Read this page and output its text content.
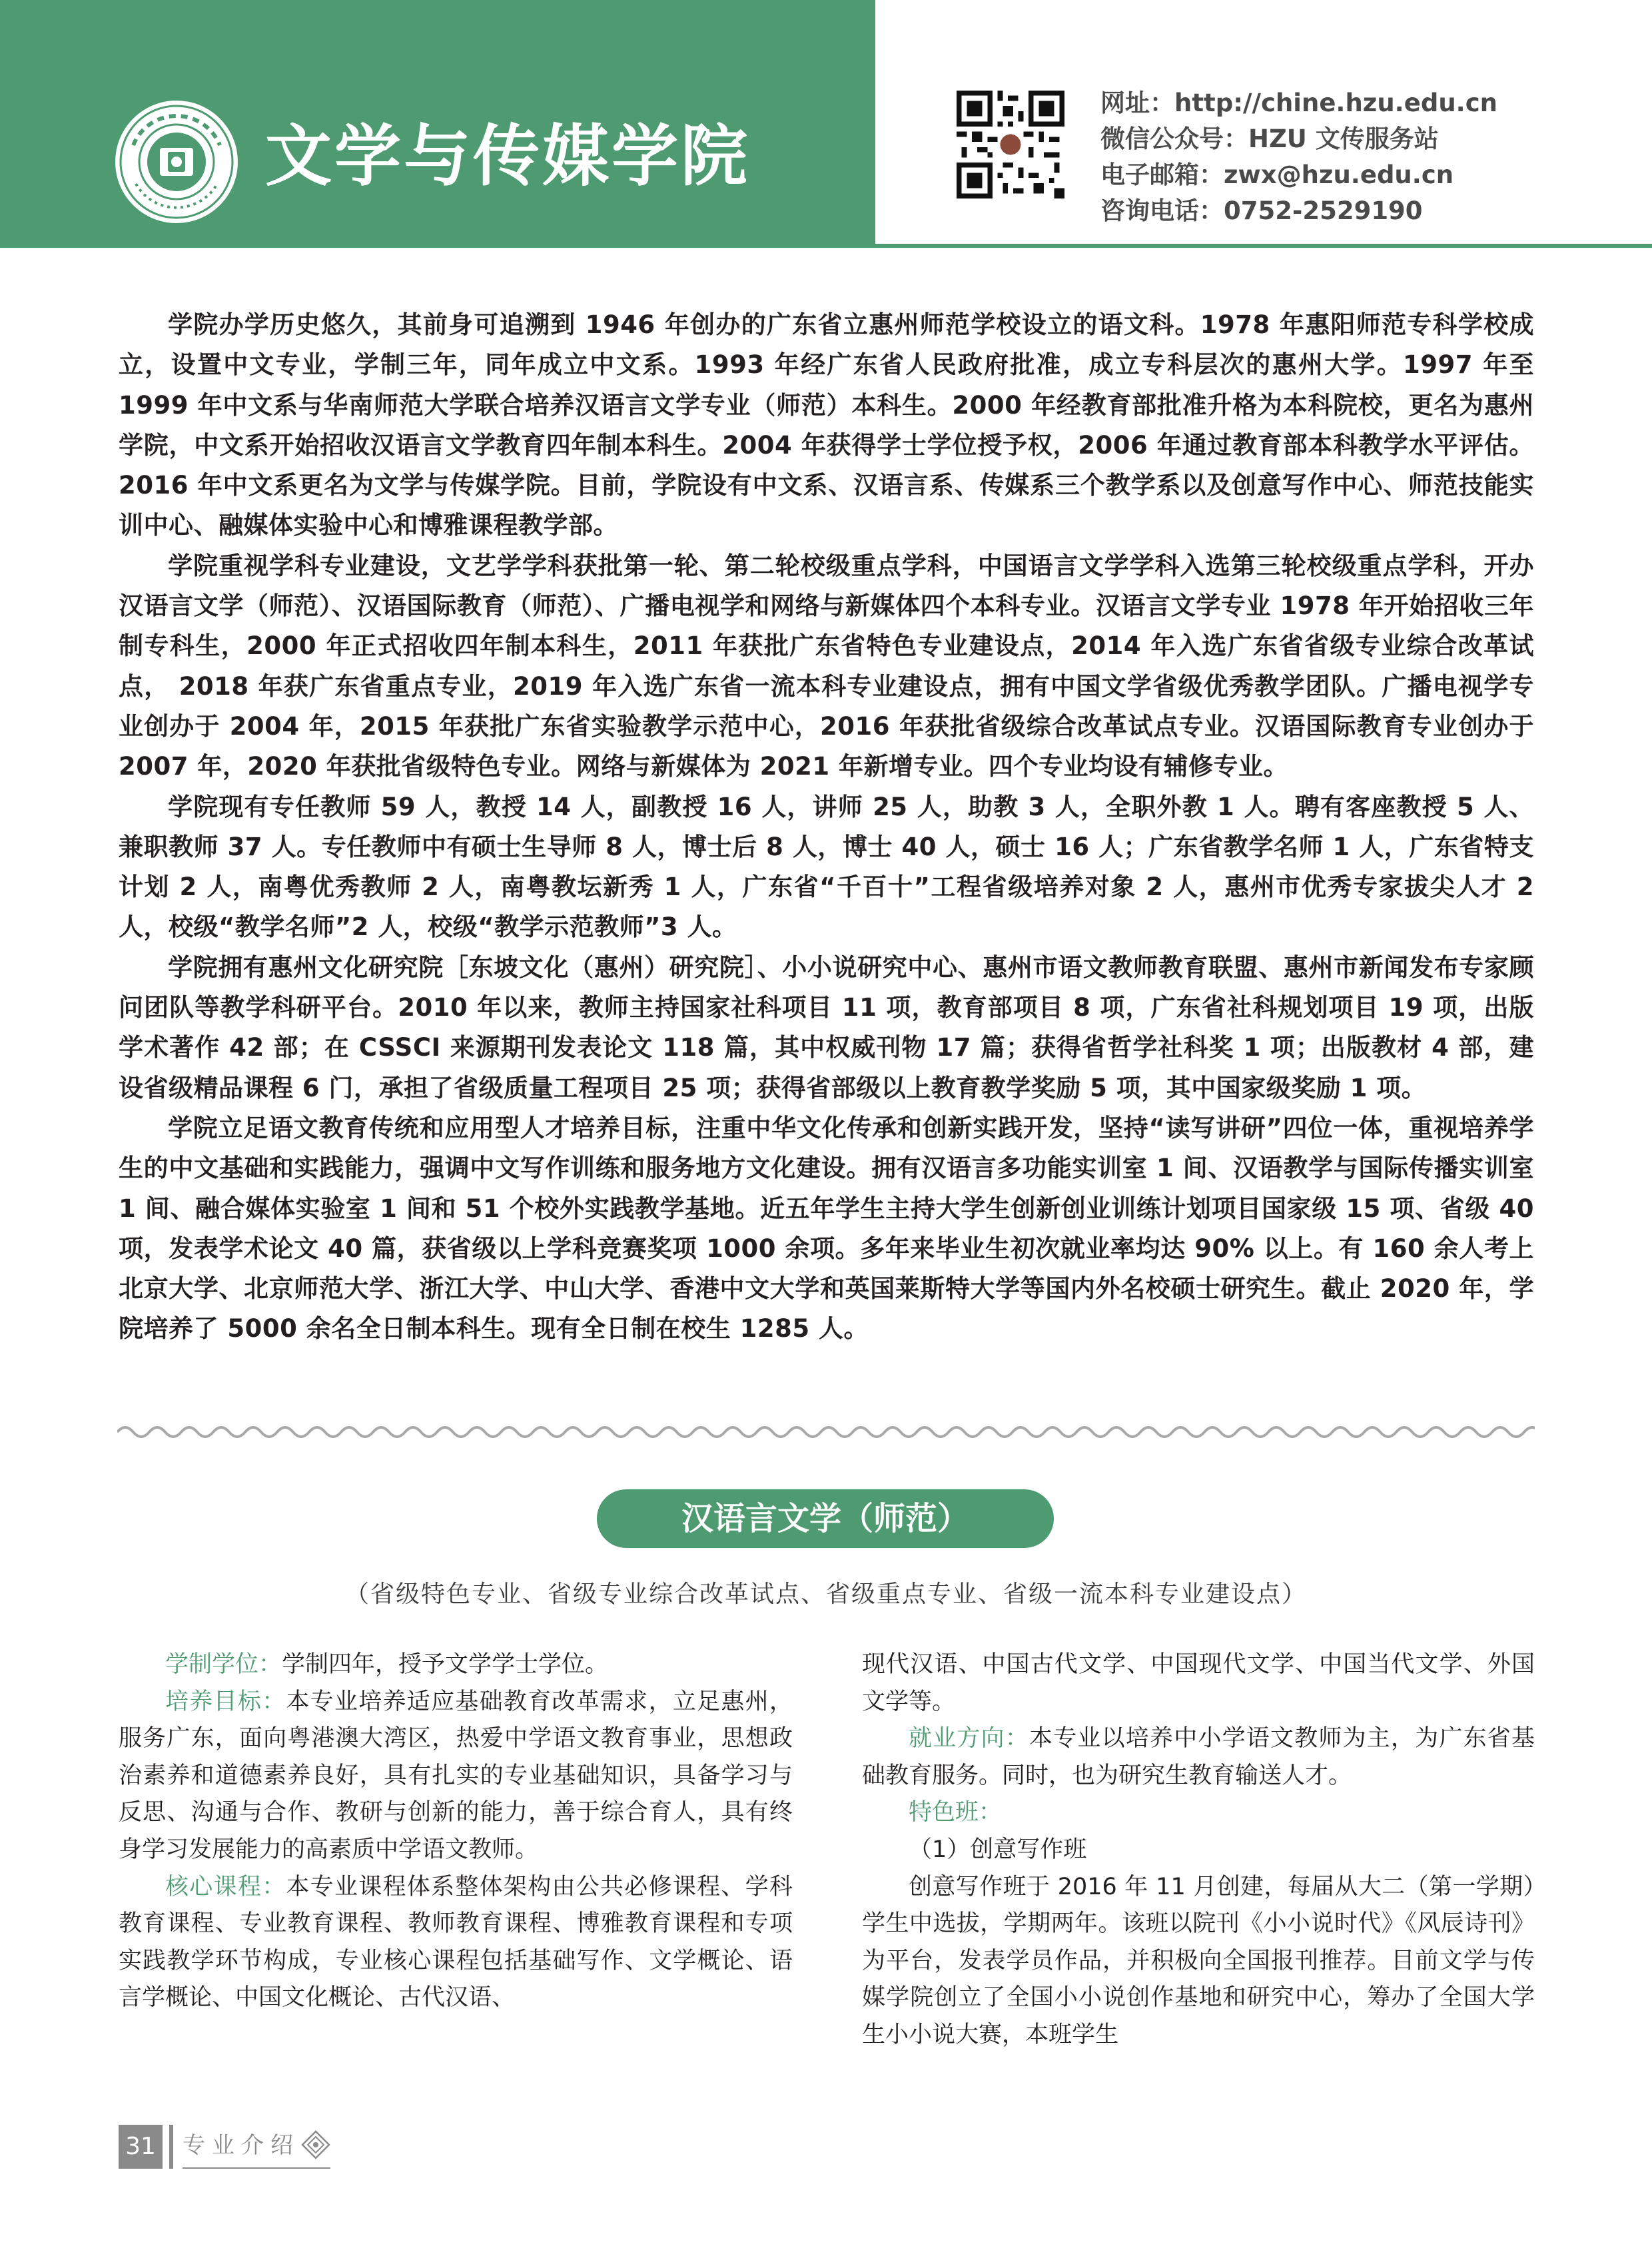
文学与传媒学院
网址：http://chine.hzu.edu.cn
微信公众号：HZU 文传服务站
电子邮箱：zwx@hzu.edu.cn
咨询电话：0752-2529190

学院办学历史悠久，其前身可追溯到 1946 年创办的广东省立惠州师范学校设立的语文科。1978 年惠阳师范专科学校成立，设置中文专业，学制三年，同年成立中文系。1993 年经广东省人民政府批准，成立专科层次的惠州大学。1997 年至 1999 年中文系与华南师范大学联合培养汉语言文学专业（师范）本科生。2000 年经教育部批准升格为本科院校，更名为惠州学院，中文系开始招收汉语言文学教育四年制本科生。2004 年获得学士学位授予权，2006 年通过教育部本科教学水平评估。2016 年中文系更名为文学与传媒学院。目前，学院设有中文系、汉语言系、传媒系三个教学系以及创意写作中心、师范技能实训中心、融媒体实验中心和博雅课程教学部。

学院重视学科专业建设，文艺学学科获批第一轮、第二轮校级重点学科，中国语言文学学科入选第三轮校级重点学科，开办汉语言文学（师范）、汉语国际教育（师范）、广播电视学和网络与新媒体四个本科专业。汉语言文学专业 1978 年开始招收三年制专科生，2000 年正式招收四年制本科生，2011 年获批广东省特色专业建设点，2014 年入选广东省省级专业综合改革试点， 2018 年获广东省重点专业，2019 年入选广东省一流本科专业建设点，拥有中国文学省级优秀教学团队。广播电视学专业创办于 2004 年，2015 年获批广东省实验教学示范中心，2016 年获批省级综合改革试点专业。汉语国际教育专业创办于 2007 年，2020 年获批省级特色专业。网络与新媒体为 2021 年新增专业。四个专业均设有辅修专业。

学院现有专任教师 59 人，教授 14 人，副教授 16 人，讲师 25 人，助教 3 人，全职外教 1 人。聘有客座教授 5 人、兼职教师 37 人。专任教师中有硕士生导师 8 人，博士后 8 人，博士 40 人，硕士 16 人；广东省教学名师 1 人，广东省特支计划 2 人，南粤优秀教师 2 人，南粤教坛新秀 1 人，广东省“千百十”工程省级培养对象 2 人，惠州市优秀专家拔尖人才 2 人，校级“教学名师”2 人，校级“教学示范教师”3 人。

学院拥有惠州文化研究院［东坡文化（惠州）研究院］、小小说研究中心、惠州市语文教师教育联盟、惠州市新闻发布专家顾问团队等教学科研平台。2010 年以来，教师主持国家社科项目 11 项，教育部项目 8 项，广东省社科规划项目 19 项，出版学术著作 42 部；在 CSSCI 来源期刊发表论文 118 篇，其中权威刊物 17 篇；获得省哲学社科奖 1 项；出版教材 4 部，建设省级精品课程 6 门，承担了省级质量工程项目 25 项；获得省部级以上教育教学奖励 5 项，其中国家级奖励 1 项。

学院立足语文教育传统和应用型人才培养目标，注重中华文化传承和创新实践开发，坚持“读写讲研”四位一体，重视培养学生的中文基础和实践能力，强调中文写作训练和服务地方文化建设。拥有汉语言多功能实训室 1 间、汉语教学与国际传播实训室 1 间、融合媒体实验室 1 间和 51 个校外实践教学基地。近五年学生主持大学生创新创业训练计划项目国家级 15 项、省级 40 项，发表学术论文 40 篇，获省级以上学科竞赛奖项 1000 余项。多年来毕业生初次就业率均达 90% 以上。有 160 余人考上北京大学、北京师范大学、浙江大学、中山大学、香港中文大学和英国莱斯特大学等国内外名校硕士研究生。截止 2020 年，学院培养了 5000 余名全日制本科生。现有全日制在校生 1285 人。

汉语言文学（师范）
（省级特色专业、省级专业综合改革试点、省级重点专业、省级一流本科专业建设点）

学制学位：学制四年，授予文学学士学位。

培养目标：本专业培养适应基础教育改革需求，立足惠州，服务广东，面向粤港澳大湾区，热爱中学语文教育事业，思想政治素养和道德素养良好，具有扎实的专业基础知识，具备学习与反思、沟通与合作、教研与创新的能力，善于综合育人，具有终身学习发展能力的高素质中学语文教师。

核心课程：本专业课程体系整体架构由公共必修课程、学科教育课程、专业教育课程、教师教育课程、博雅教育课程和专项实践教学环节构成，专业核心课程包括基础写作、文学概论、语言学概论、中国文化概论、古代汉语、

现代汉语、中国古代文学、中国现代文学、中国当代文学、外国文学等。

就业方向：本专业以培养中小学语文教师为主，为广东省基础教育服务。同时，也为研究生教育输送人才。

特色班：

（1）创意写作班

创意写作班于 2016 年 11 月创建，每届从大二（第一学期）学生中选拔，学期两年。该班以院刊《小小说时代》《风辰诗刊》为平台，发表学员作品，并积极向全国报刊推荐。目前文学与传媒学院创立了全国小小说创作基地和研究中心，筹办了全国大学生小小说大赛，本班学生

31 专业介绍
